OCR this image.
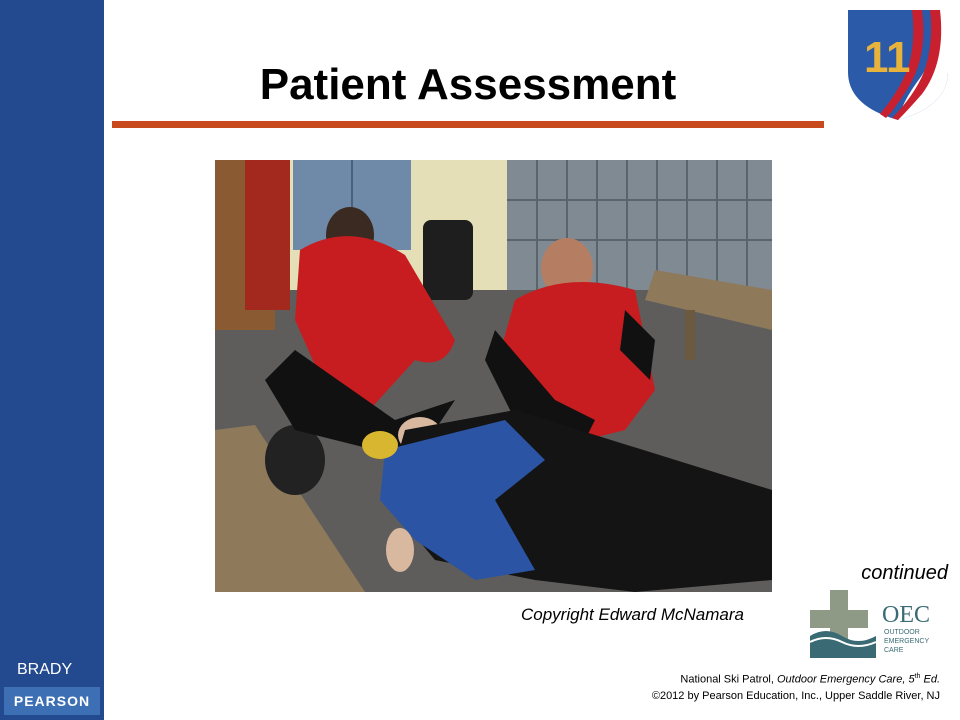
BRADY
PEARSON
Patient Assessment
11
continued
Copyright Edward McNamara	OEC
OUTDOOR
EMERGENCY
CARE
National Ski Patrol, Outdoor Emergency Care, 5th Ed.
©2012 by Pearson Education, Inc., Upper Saddle River, NJ
